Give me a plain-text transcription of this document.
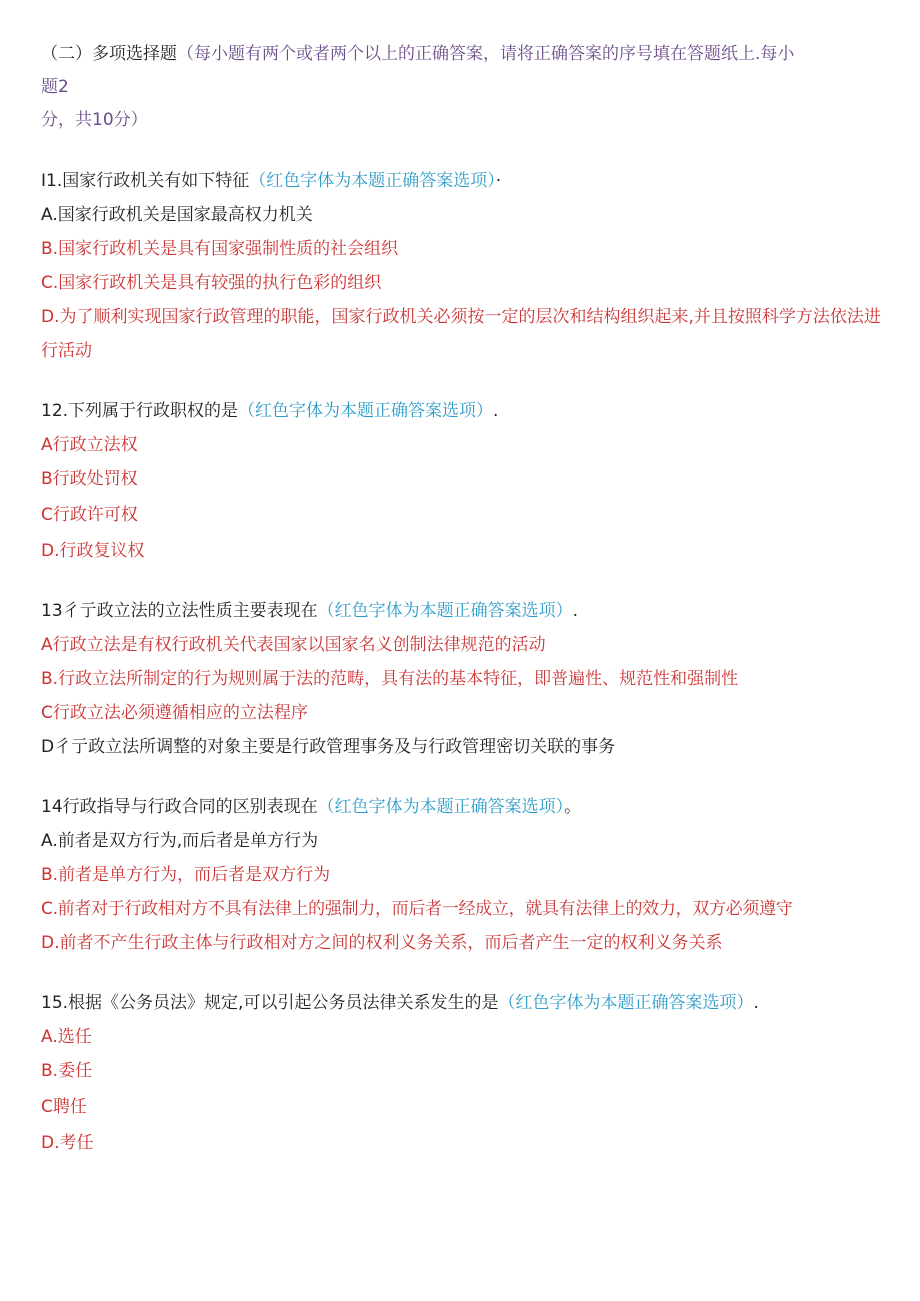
（二）多项选择题（每小题有两个或者两个以上的正确答案，请将正确答案的序号填在答题纸上.每小
题2
分，共10分）
I1.国家行政机关有如下特征（红色字体为本题正确答案选项）·
A.国家行政机关是国家最高权力机关
B.国家行政机关是具有国家强制性质的社会组织
C.国家行政机关是具有较强的执行色彩的组织
D.为了顺利实现国家行政管理的职能，国家行政机关必须按一定的层次和结构组织起来,并且按照科学方法依法进行活动
12.下列属于行政职权的是（红色字体为本题正确答案选项）.
A行政立法权
B行政处罚权
C行政许可权
D.行政复议权
13彳亍政立法的立法性质主要表现在（红色字体为本题正确答案选项）.
A行政立法是有权行政机关代表国家以国家名义创制法律规范的活动
B.行政立法所制定的行为规则属于法的范畴，具有法的基本特征，即普遍性、规范性和强制性
C行政立法必须遵循相应的立法程序
D彳亍政立法所调整的对象主要是行政管理事务及与行政管理密切关联的事务
14行政指导与行政合同的区别表现在（红色字体为本题正确答案选项）。
A.前者是双方行为,而后者是单方行为
B.前者是单方行为，而后者是双方行为
C.前者对于行政相对方不具有法律上的强制力，而后者一经成立，就具有法律上的效力，双方必须遵守
D.前者不产生行政主体与行政相对方之间的权利义务关系，而后者产生一定的权利义务关系
15.根据《公务员法》规定,可以引起公务员法律关系发生的是（红色字体为本题正确答案选项）.
A.选任
B.委任
C聘任
D.考任
